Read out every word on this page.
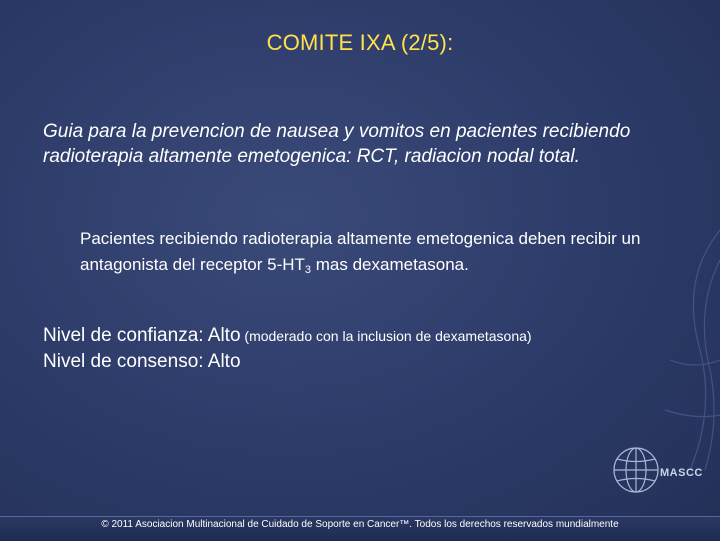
COMITE IXA (2/5):
Guia para la prevencion de nausea y vomitos en pacientes recibiendo radioterapia altamente emetogenica: RCT, radiacion nodal total.
Pacientes recibiendo radioterapia altamente emetogenica deben recibir un antagonista del receptor $5-HT_3$ mas dexametasona.
Nivel de confianza: Alto (moderado con la inclusion de dexametasona)
Nivel de consenso: Alto
MASCC
© 2011 Asociacion Multinacional de Cuidado de Soporte en Cancer™. Todos los derechos reservados mundialmente
